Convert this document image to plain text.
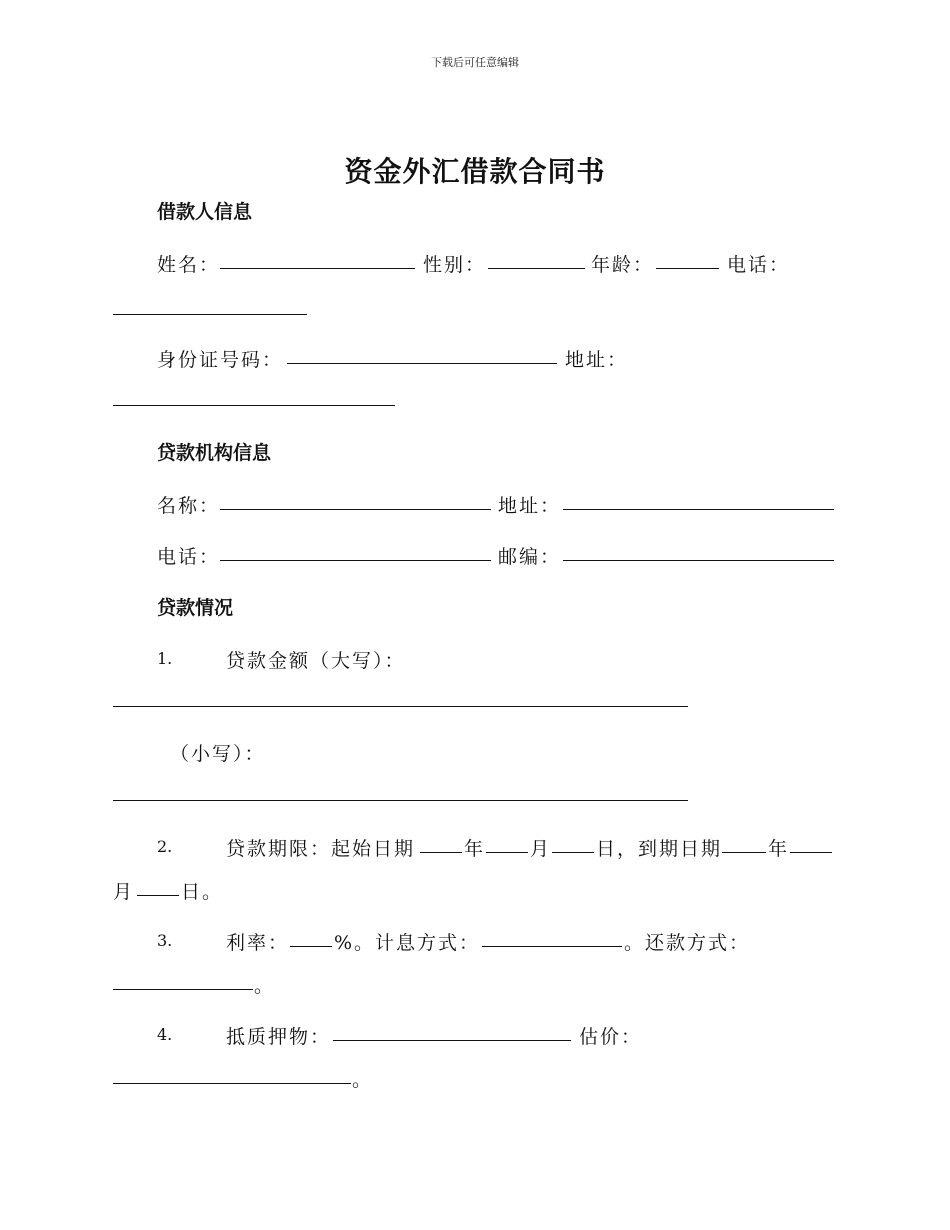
下载后可任意编辑
资金外汇借款合同书
借款人信息
姓名：	性别：	年龄：	电话：
身份证号码：	地址：
贷款机构信息
名称：	地址：
电话：	邮编：
贷款情况
1.	贷款金额（大写）：
（小写）：
2.	贷款期限：起始日期	年 月 日，到期日期 年
月 日。
3.	利率： %。计息方式：	。还款方式：
。
4.	抵质押物：	估价：
。
